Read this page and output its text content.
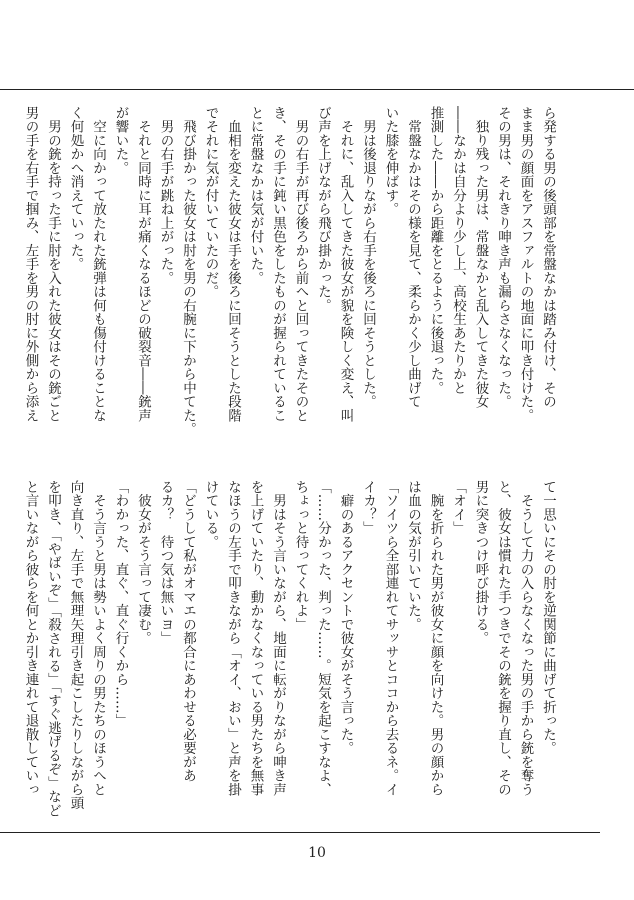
ら発する男の後頭部を常盤なかは踏み付け、その
まま男の顔面をアスファルトの地面に叩き付けた。
その男は、それきり呻き声も漏らさなくなった。
　独り残った男は、常盤なかと乱入してきた彼女
――なかは自分より少し上、高校生あたりかと
推測した――から距離をとるように後退った。
　常盤なかはその様を見て、柔らかく少し曲げて
いた膝を伸ばす。
　男は後退りながら右手を後ろに回そうとした。
　それに、乱入してきた彼女が貌を険しく変え、叫
び声を上げながら飛び掛かった。
　男の右手が再び後ろから前へと回ってきたそのと
き、その手に鈍い黒色をしたものが握られているこ
とに常盤なかは気が付いた。
　血相を変えた彼女は手を後ろに回そうとした段階
でそれに気が付いていたのだ。
　飛び掛かった彼女は肘を男の右腕に下から中てた。
　男の右手が跳ね上がった。
　それと同時に耳が痛くなるほどの破裂音――銃声
が響いた。
　空に向かって放たれた銃弾は何も傷付けることな
く何処かへ消えていった。
　男の銃を持った手に肘を入れた彼女はその銃ごと
男の手を右手で掴み、左手を男の肘に外側から添え
て一思いにその肘を逆関節に曲げて折った。
　そうして力の入らなくなった男の手から銃を奪う
と、彼女は慣れた手つきでその銃を握り直し、その
男に突きつけ呼び掛ける。
「オイ」
　腕を折られた男が彼女に顔を向けた。男の顔から
は血の気が引いていた。
「ソイツら全部連れてサッサとココから去るネ。イ
イカ？」
　癖のあるアクセントで彼女がそう言った。
「……分かった、判った……。短気を起こすなよ、
ちょっと待ってくれよ」
　男はそう言いながら、地面に転がりながら呻き声
を上げていたり、動かなくなっている男たちを無事
なほうの左手で叩きながら「オイ、おい」と声を掛
けている。
「どうして私がオマエの都合にあわせる必要があ
るカ？　待つ気は無いヨ」
　彼女がそう言って凄む。
「わかった、直ぐ、直ぐ行くから……」
　そう言うと男は勢いよく周りの男たちのほうへと
向き直り、左手で無理矢理引き起こしたりしながら頭
を叩き、「やばいぞ」「殺される」「すぐ逃げるぞ」など
と言いながら彼らを何とか引き連れて退散していっ
10
